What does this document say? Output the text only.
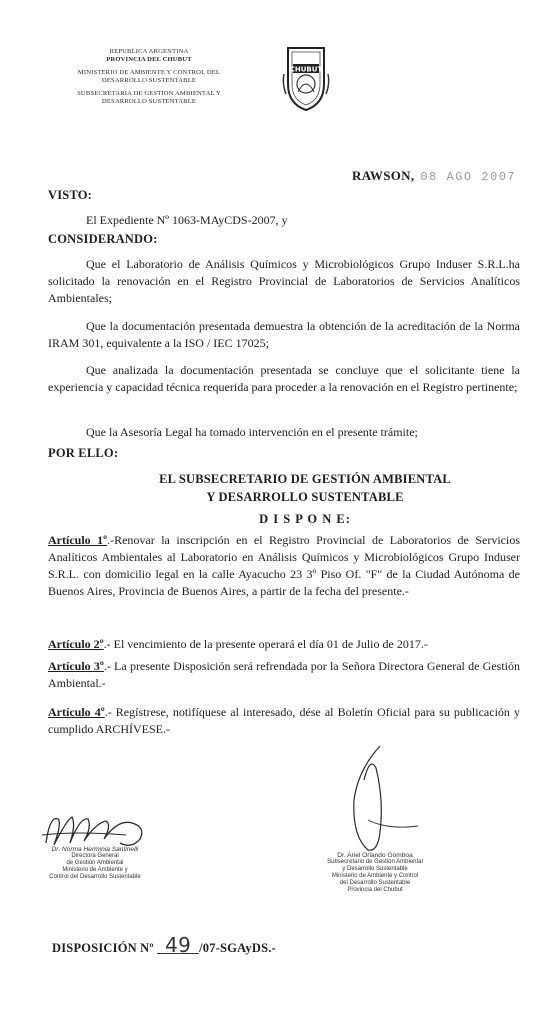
REPUBLICA ARGENTINA
PROVINCIA DEL CHUBUT
MINISTERIO DE AMBIENTE Y CONTROL DEL
DESARROLLO SUSTENTABLE
SUBSECRETARIA DE GESTION AMBIENTAL Y
DESARROLLO SUSTENTABLE
CHUBUT
RAWSON, 08 AGO 2007
VISTO:
El Expediente Nº 1063-MAyCDS-2007, y
CONSIDERANDO:
Que el Laboratorio de Análisis Químicos y Microbiológicos Grupo Induser S.R.L.ha solicitado la renovación en el Registro Provincial de Laboratorios de Servicios Analíticos Ambientales;
Que la documentación presentada demuestra la obtención de la acreditación de la Norma IRAM 301, equivalente a la ISO / IEC 17025;
Que analizada la documentación presentada se concluye que el solicitante tiene la experiencia y capacidad técnica requerida para proceder a la renovación en el Registro pertinente;
Que la Asesoría Legal ha tomado intervención en el presente trámite;
POR ELLO:
EL SUBSECRETARIO DE GESTIÓN AMBIENTAL
Y DESARROLLO SUSTENTABLE
D I S P O N E:
Artículo 1º.-Renovar la inscripción en el Registro Provincial de Laboratorios de Servicios Analíticos Ambientales al Laboratorio en Análisis Químicos y Microbiológicos Grupo Induser S.R.L. con domicilio legal en la calle Ayacucho 23 3º Piso Of. "F" de la Ciudad Autónoma de Buenos Aires, Provincia de Buenos Aires, a partir de la fecha del presente.-
Artículo 2º.- El vencimiento de la presente operará el día 01 de Julio de 2017.-
Artículo 3º.- La presente Disposición será refrendada por la Señora Directora General de Gestión Ambiental.-
Artículo 4º.- Regístrese, notifíquese al interesado, dése al Boletín Oficial para su publicación y cumplido ARCHÍVESE.-
Dr. Norma Herminia Santinelli
Directora General
de Gestión Ambiental
Ministerio de Ambiente y
Control del Desarrollo Sustentable
Dr. Ariel Orlando Gomboa
Subsecretario de Gestión Ambiental
y Desarrollo Sustentable
Ministerio de Ambiente y Control
del Desarrollo Sustentable
Provincia del Chubut
DISPOSICIÓN Nº 49 /07-SGAyDS.-
